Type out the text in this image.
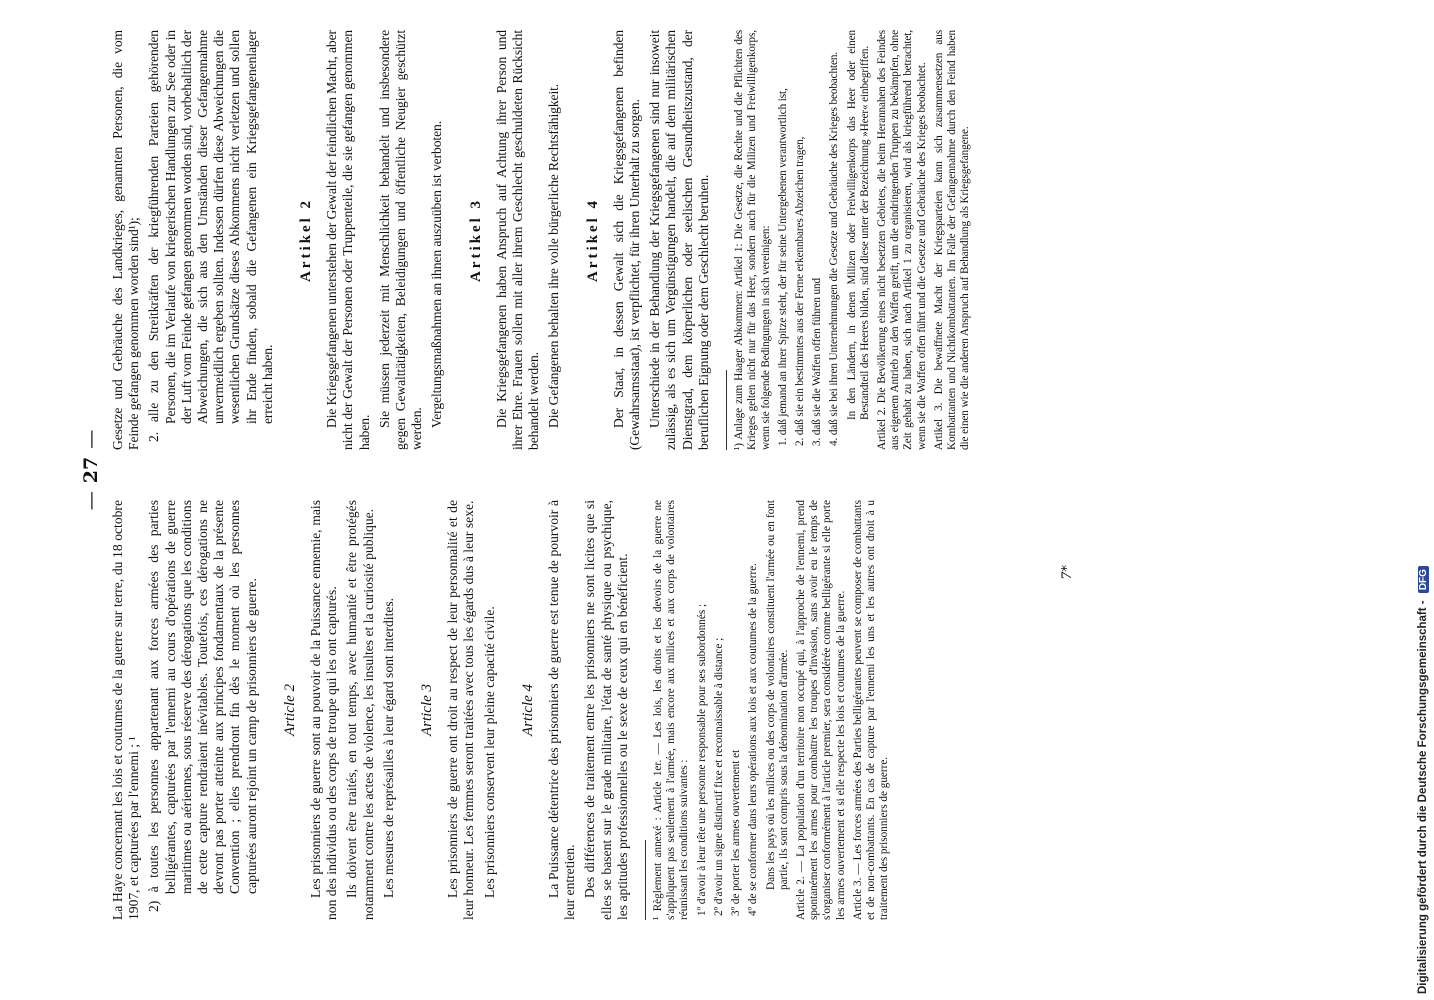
—27—

La Haye concernant les lois et coutumes de la guerre sur terre, du 18 octobre 1907, et capturées par l'ennemi ; ¹ 2) à toutes les personnes appartenant aux forces armées des parties belligérantes, capturées par l'ennemi au cours d'opérations de guerre maritimes ou aériennes, sous réserve des dérogations que les conditions de cette capture rendraient inévitables. Toutefois, ces dérogations ne devront pas porter atteinte aux principes fondamentaux de la présente Convention ; elles prendront fin dès le moment où les personnes capturées auront rejoint un camp de prisonniers de guerre. Article 2 Les prisonniers de guerre sont au pouvoir de la Puissance ennemie, mais non des individus ou des corps de troupe qui les ont capturés. Ils doivent être traités, en tout temps, avec humanité et être protégés notamment contre les actes de violence, les insultes et la curiosité publique. Les mesures de représailles à leur égard sont interdites. Article 3 Les prisonniers de guerre ont droit au respect de leur personnalité et de leur honneur. Les femmes seront traitées avec tous les égards dus à leur sexe. Les prisonniers conservent leur pleine capacité civile. Article 4 La Puissance détentrice des prisonniers de guerre est tenue de pourvoir à leur entretien. Des différences de traitement entre les prisonniers ne sont licites que si elles se basent sur le grade militaire, l'état de santé physique ou psychique, les aptitudes professionnelles ou le sexe de ceux qui en bénéficient. ¹ Règlement annexé : Article 1er. — Les lois, les droits et les devoirs de la guerre ne s'appliquent pas seulement à l'armée, mais encore aux milices et aux corps de volontaires réunissant les conditions suivantes : 1º d'avoir à leur tête une personne responsable pour ses subordonnés ; 2º d'avoir un signe distinctif fixe et reconnaissable à distance ; 3º de porter les armes ouvertement et 4º de se conformer dans leurs opérations aux lois et aux coutumes de la guerre. Dans les pays où les milices ou des corps de volontaires constituent l'armée ou en font partie, ils sont compris sous la dénomination d'armée. Article 2. — La population d'un territoire non occupé qui, à l'approche de l'ennemi, prend spontanément les armes pour combattre les troupes d'invasion, sans avoir eu le temps de s'organiser conformément à l'article premier, sera considérée comme belligérante si elle porte les armes ouvertement et si elle respecte les lois et coutumes de la guerre. Article 3. — Les forces armées des Parties belligérantes peuvent se composer de combattants et de non-combattants. En cas de capture par l'ennemi les uns et les autres ont droit à u traitement des prisonniers de guerre.

Gesetze und Gebräuche des Landkrieges, genannten Personen, die vom Feinde gefangen genommen worden sind¹); 2. alle zu den Streitkräften der kriegführenden Parteien gehörenden Personen, die im Verlaufe von kriegerischen Handlungen zur See oder in der Luft vom Feinde gefangen genommen worden sind, vorbehaltlich der Abweichungen, die sich aus den Umständen dieser Gefangennahme unvermeidlich ergeben sollten. Indessen dürfen diese Abweichungen die wesentlichen Grundsätze dieses Abkommens nicht verletzen und sollen ihr Ende finden, sobald die Gefangenen ein Kriegsgefangenenlager erreicht haben.

Artikel 2 Die Kriegsgefangenen unterstehen der Gewalt der feindlichen Macht, aber nicht der Gewalt der Personen oder Truppenteile, die sie gefangen genommen haben.

Sie müssen jederzeit mit Menschlichkeit behandelt und insbesondere gegen Gewalttätigkeiten, Beleidigungen und öffentliche Neugier geschützt werden.

Vergeltungsmaßnahmen an ihnen auszuüben ist verboten. Artikel 3 Die Kriegsgefangenen haben Anspruch auf Achtung ihrer Person und ihrer Ehre. Frauen sollen mit aller ihrem Geschlecht geschuldeten Rücksicht behandelt werden. Die Gefangenen behalten ihre volle bürgerliche Rechtsfähigkeit. Artikel 4 Der Staat, in dessen Gewalt sich die Kriegsgefangenen befinden (Gewahrsamsstaat), ist verpflichtet, für ihren Unterhalt zu sorgen. Unterschiede in der Behandlung der Kriegsgefangenen sind nur insoweit zulässig, als es sich um Vergünstigungen handelt, die auf dem militärischen Dienstgrad, dem körperlichen oder seelischen Gesundheitszustand, der beruflichen Eignung oder dem Geschlecht beruhen. ¹) Anlage zum Haager Abkommen: Artikel 1: Die Gesetze, die Rechte und die Pflichten des Krieges gelten nicht nur für das Heer, sondern auch für die Milizen und Freiwilligenkorps, wenn sie folgende Bedingungen in sich vereinigen: 1. daß jemand an ihrer Spitze steht, der für seine Untergebenen verantwortlich ist, 2. daß sie ein bestimmtes aus der Ferne erkennbares Abzeichen tragen, 3. daß sie die Waffen offen führen und 4. daß sie bei ihren Unternehmungen die Gesetze und Gebräuche des Krieges beobachten. In den Ländern, in denen Milizen oder Freiwilligenkorps das Heer oder einen Bestandteil des Heeres bilden, sind diese unter der Bezeichnung »Heer« einbegriffen. Artikel 2. Die Bevölkerung eines nicht besetzten Gebietes, die beim Herannahen des Feindes aus eigenem Antrieb zu den Waffen greift, um die eindringenden Truppen zu bekämpfen, ohne Zeit gehabt zu haben, sich nach Artikel 1 zu organisieren, wird als kriegführend betrachtet, wenn sie die Waffen offen führt und die Gesetze und Gebräuche des Krieges beobachtet. Artikel 3. Die bewaffnete Macht der Kriegsparteien kann sich zusammensetzen aus Kombattanten und Nichtkombattanten. Im Falle der Gefangennahme durch den Feind haben die einen wie die anderen Anspruch auf Behandlung als Kriegsgefangene.

7*
Digitalisierung gefördert durch die Deutsche Forschungsgemeinschaft - DFG
